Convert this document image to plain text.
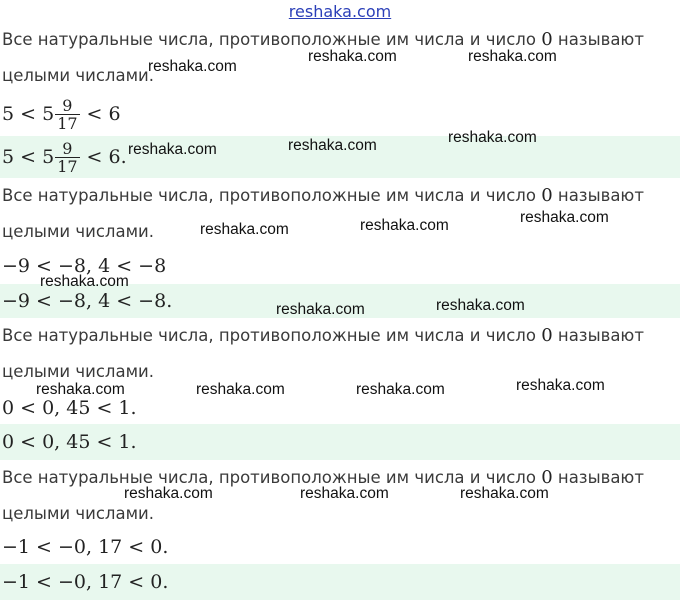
reshaka.com
Все натуральные числа, противоположные им числа и число 0 называют
целыми числами.
$5 < 5 \frac{9}{17} < 6$
$5 < 5 \frac{9}{17} < 6$.
Все натуральные числа, противоположные им числа и число 0 называют
целыми числами.
−9 < −8, 4 < −8
−9 < −8, 4 < −8.
Все натуральные числа, противоположные им числа и число 0 называют
целыми числами.
0 < 0, 45 < 1.
0 < 0, 45 < 1.
Все натуральные числа, противоположные им числа и число 0 называют
целыми числами.
−1 < −0, 17 < 0.
−1 < −0, 17 < 0.
reshaka.com
reshaka.com	reshaka.com
reshaka.com	reshaka.com	reshaka.com
reshaka.com	reshaka.com	reshaka.com
reshaka.com
reshaka.com	reshaka.com
reshaka.com	reshaka.com	reshaka.com	reshaka.com
reshaka.com	reshaka.com	reshaka.com
